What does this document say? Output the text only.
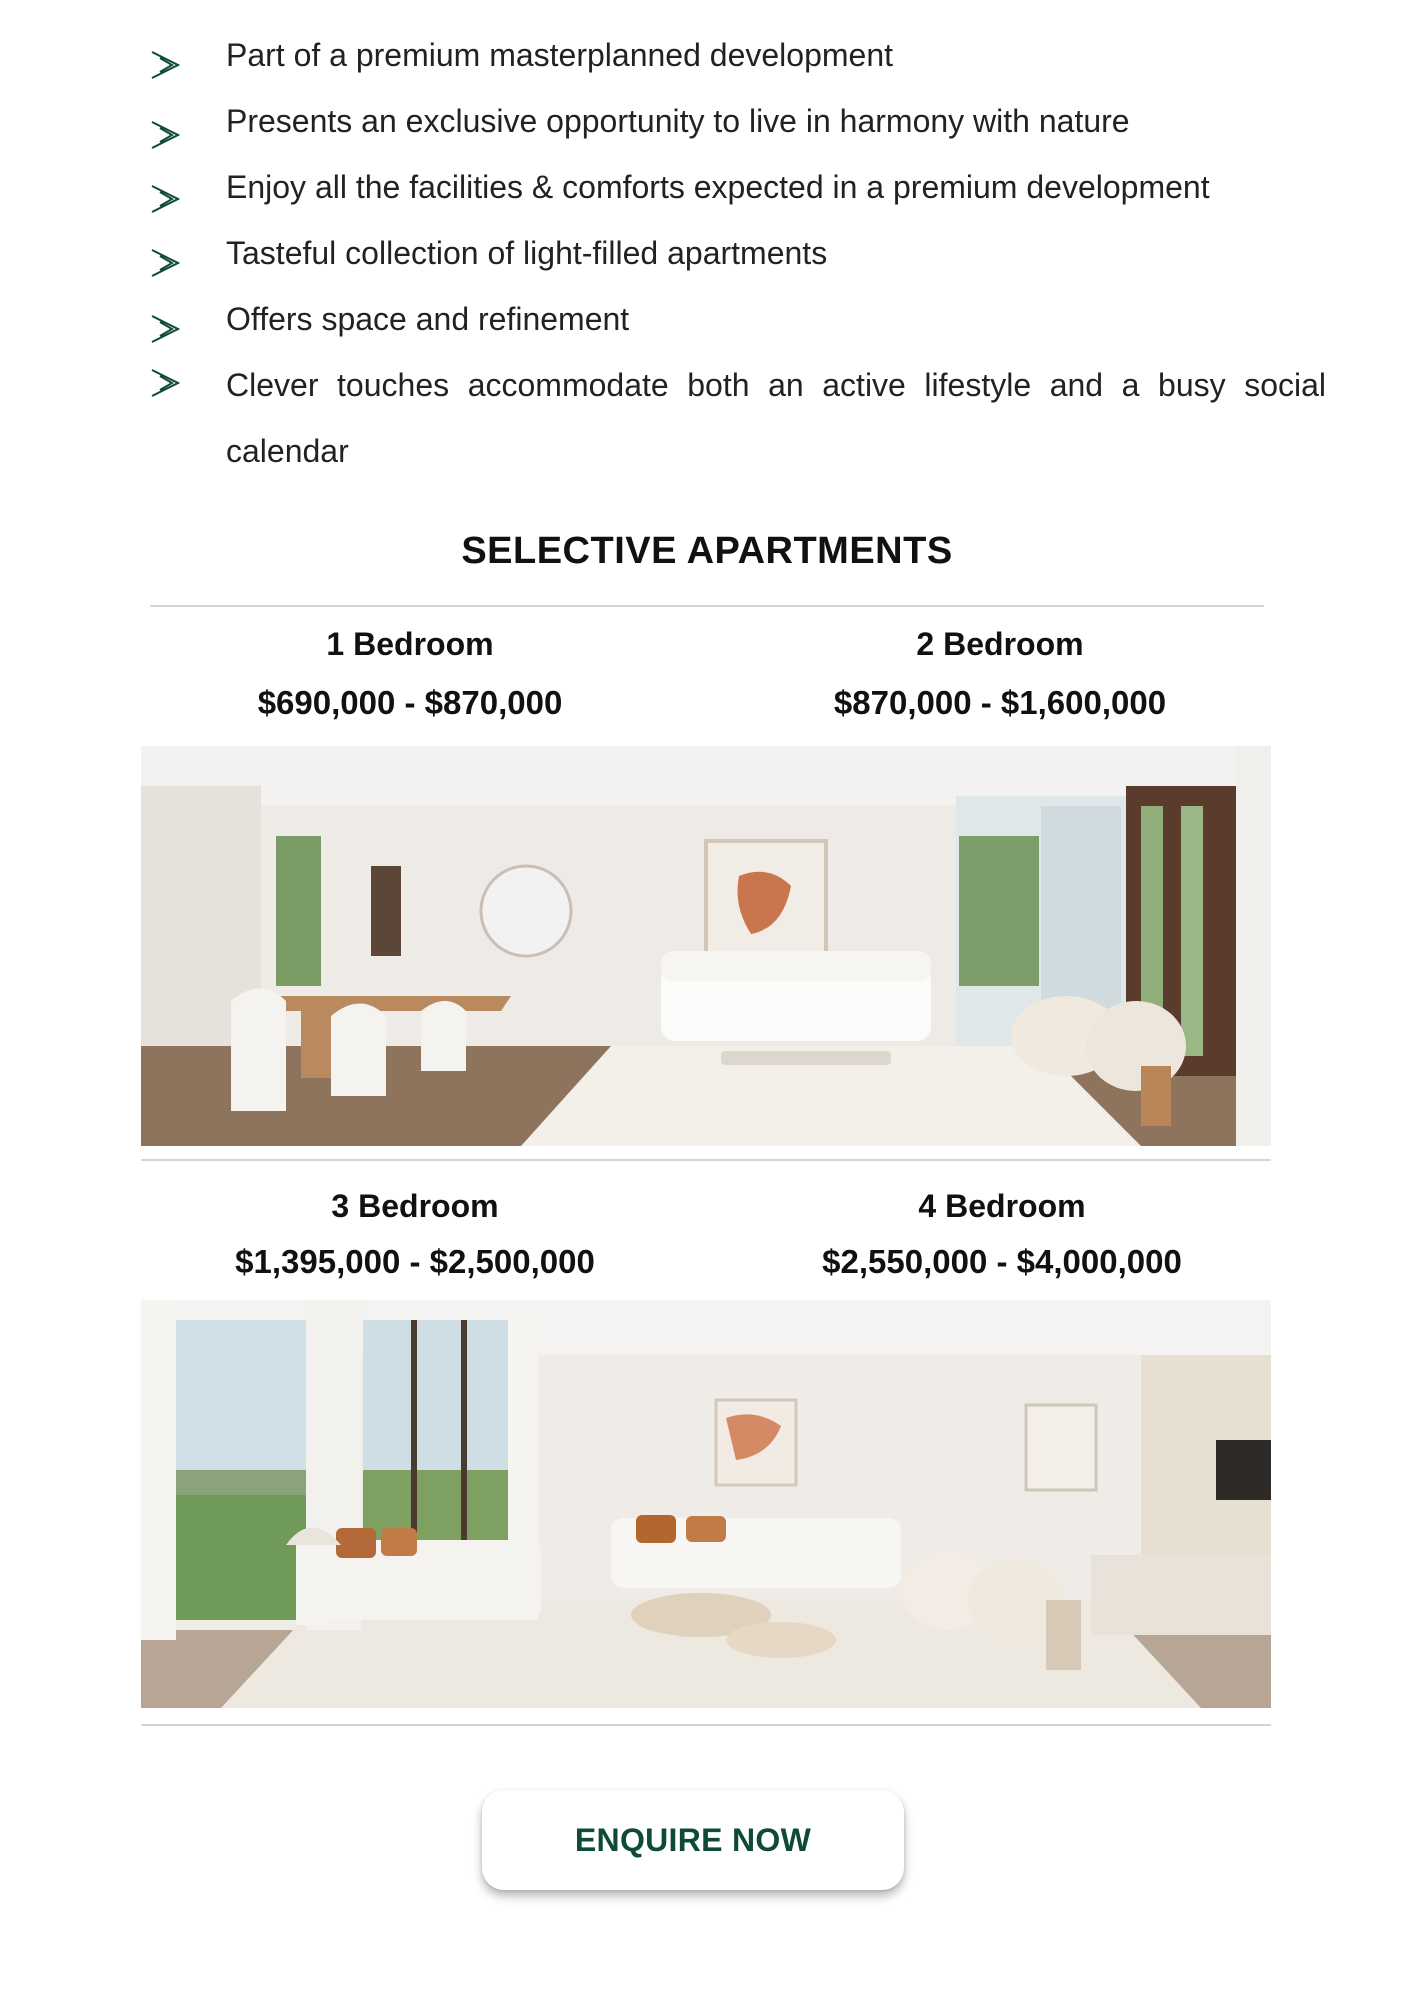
Part of a premium masterplanned development
Presents an exclusive opportunity to live in harmony with nature
Enjoy all the facilities & comforts expected in a premium development
Tasteful collection of light-filled apartments
Offers space and refinement
Clever touches accommodate both an active lifestyle and a busy social calendar
SELECTIVE APARTMENTS
1 Bedroom
$690,000 - $870,000
2 Bedroom
$870,000 - $1,600,000
3 Bedroom
$1,395,000 - $2,500,000
4 Bedroom
$2,550,000 - $4,000,000
ENQUIRE NOW
